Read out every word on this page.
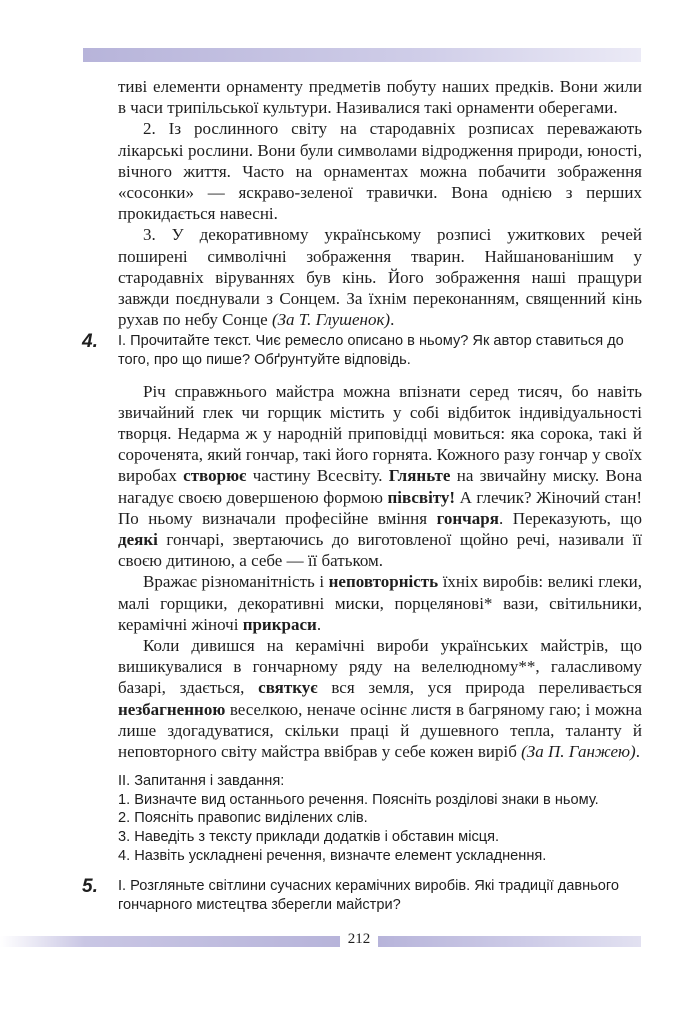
тиві елементи орнаменту предметів побуту наших предків. Вони жили в часи трипільської культури. Називалися такі орнаменти оберегами.

2. Із рослинного світу на стародавніх розписах переважають лікарські рослини. Вони були символами відродження природи, юності, вічного життя. Часто на орнаментах можна побачити зображення «сосонки» — яскраво-зеленої травички. Вона однією з перших прокидається навесні.

3. У декоративному українському розписі ужиткових речей поширені символічні зображення тварин. Найшанованішим у стародавніх віруваннях був кінь. Його зображення наші пращури завжди поєднували з Сонцем. За їхнім переконанням, священний кінь рухав по небу Сонце (За Т. Глушенок).

4. І. Прочитайте текст. Чиє ремесло описано в ньому? Як автор ставиться до того, про що пише? Обґрунтуйте відповідь.

Річ справжнього майстра можна впізнати серед тисяч, бо навіть звичайний глек чи горщик містить у собі відбиток індивідуальності творця. Недарма ж у народній приповідці мовиться: яка сорока, такі й сороченята, який гончар, такі його горнята. Кожного разу гончар у своїх виробах створює частину Всесвіту. Гляньте на звичайну миску. Вона нагадує своєю довершеною формою півсвіту! А глечик? Жіночий стан! По ньому визначали професійне вміння гончаря. Переказують, що деякі гончарі, звертаючись до виготовленої щойно речі, називали її своєю дитиною, а себе — її батьком.

Вражає різноманітність і неповторність їхніх виробів: великі глеки, малі горщики, декоративні миски, порцелянові* вази, світильники, керамічні жіночі прикраси.

Коли дивишся на керамічні вироби українських майстрів, що вишикувалися в гончарному ряду на велелюдному**, галасливому базарі, здається, святкує вся земля, уся природа переливається незбагненною веселкою, неначе осіннє листя в багряному гаю; і можна лише здогадуватися, скільки праці й душевного тепла, таланту й неповторного світу майстра ввібрав у себе кожен виріб (За П. Ганжею).

ІІ. Запитання і завдання:
1. Визначте вид останнього речення. Поясніть розділові знаки в ньому.
2. Поясніть правопис виділених слів.
3. Наведіть з тексту приклади додатків і обставин місця.
4. Назвіть ускладнені речення, визначте елемент ускладнення.
5. І. Розгляньте світлини сучасних керамічних виробів. Які традиції давнього гончарного мистецтва зберегли майстри?
212
